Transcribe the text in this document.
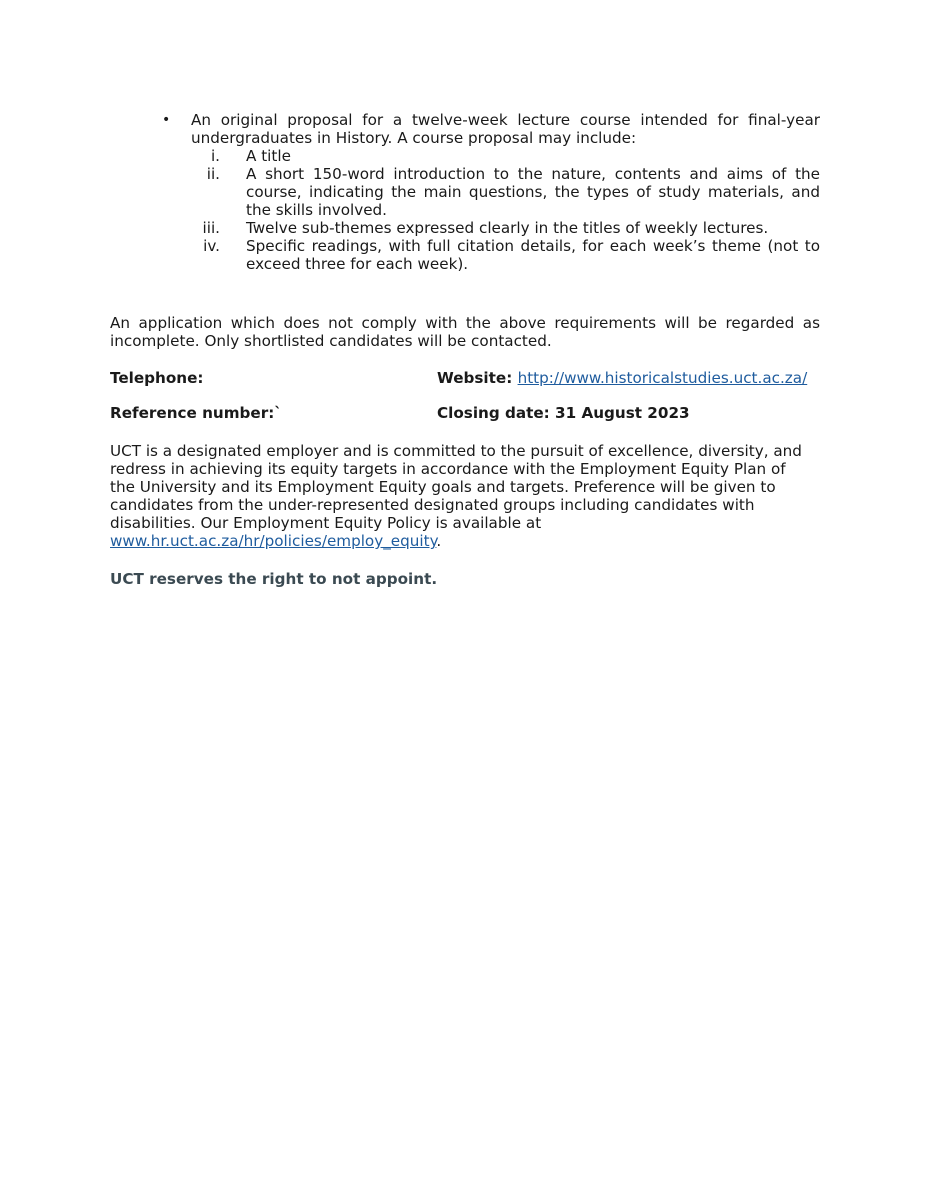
•	An original proposal for a twelve-week lecture course intended for final-year undergraduates in History. A course proposal may include:
i. A title
ii. A short 150-word introduction to the nature, contents and aims of the course, indicating the main questions, the types of study materials, and the skills involved.
iii. Twelve sub-themes expressed clearly in the titles of weekly lectures.
iv. Specific readings, with full citation details, for each week’s theme (not to exceed three for each week).
An application which does not comply with the above requirements will be regarded as incomplete. Only shortlisted candidates will be contacted.
Telephone:	Website: http://www.historicalstudies.uct.ac.za/
Reference number:`	Closing date: 31 August 2023
UCT is a designated employer and is committed to the pursuit of excellence, diversity, and redress in achieving its equity targets in accordance with the Employment Equity Plan of the University and its Employment Equity goals and targets. Preference will be given to candidates from the under-represented designated groups including candidates with disabilities. Our Employment Equity Policy is available at www.hr.uct.ac.za/hr/policies/employ_equity.
UCT reserves the right to not appoint.
